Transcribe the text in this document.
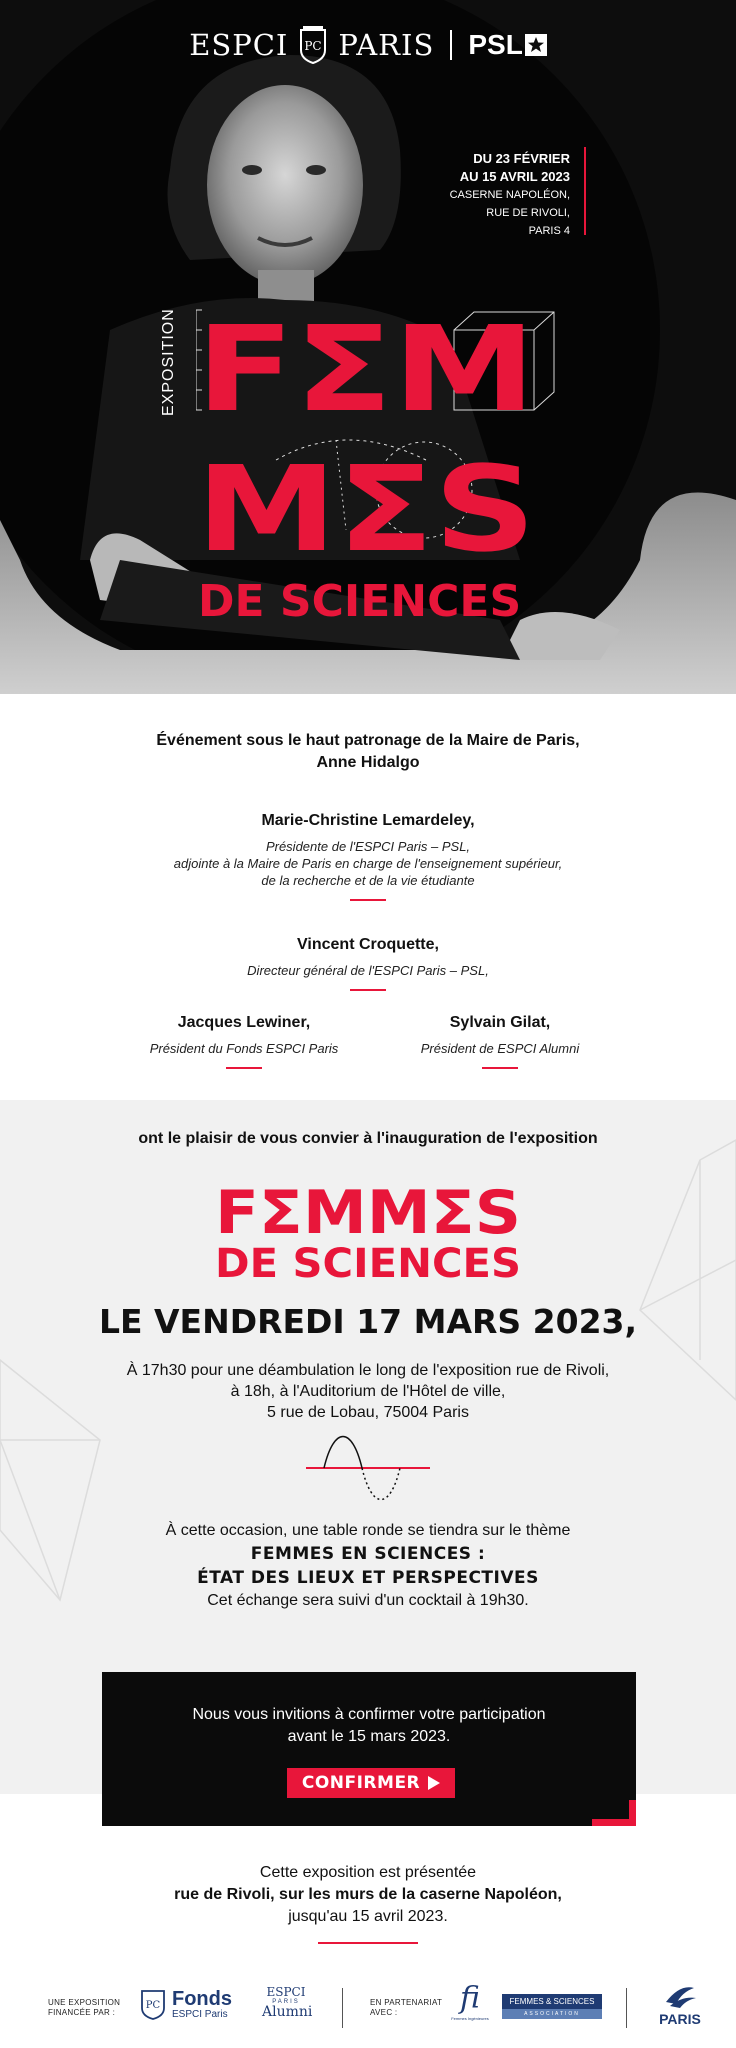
ESPCI PC PARIS PSL
DU 23 FÉVRIER
AU 15 AVRIL 2023
CASERNE NAPOLÉON,
RUE DE RIVOLI,
PARIS 4
EXPOSITION FΣM
MΣS
DE SCIENCES
Événement sous le haut patronage de la Maire de Paris,
Anne Hidalgo
Marie-Christine Lemardeley,
Présidente de l'ESPCI Paris – PSL,
adjointe à la Maire de Paris en charge de l'enseignement supérieur,
de la recherche et de la vie étudiante
Vincent Croquette,
Directeur général de l'ESPCI Paris – PSL,
Jacques Lewiner,
Président du Fonds ESPCI Paris
Sylvain Gilat,
Président de ESPCI Alumni
ont le plaisir de vous convier à l'inauguration de l'exposition
FΣMMΣS
DE SCIENCES
LE VENDREDI 17 MARS 2023,
À 17h30 pour une déambulation le long de l'exposition rue de Rivoli,
à 18h, à l'Auditorium de l'Hôtel de ville,
5 rue de Lobau, 75004 Paris
À cette occasion, une table ronde se tiendra sur le thème
FEMMES EN SCIENCES :
ÉTAT DES LIEUX ET PERSPECTIVES
Cet échange sera suivi d'un cocktail à 19h30.
Nous vous invitions à confirmer votre participation
avant le 15 mars 2023.
CONFIRMER
Cette exposition est présentée
rue de Rivoli, sur les murs de la caserne Napoléon,
jusqu'au 15 avril 2023.
UNE EXPOSITION
FINANCÉE PAR :
PC Fonds
ESPCI Paris
ESPCI
PARIS
Alumni
EN PARTENARIAT
AVEC :	fi
Femmes Ingénieures
FEMMES & SCIENCES
ASSOCIATION	PARIS
